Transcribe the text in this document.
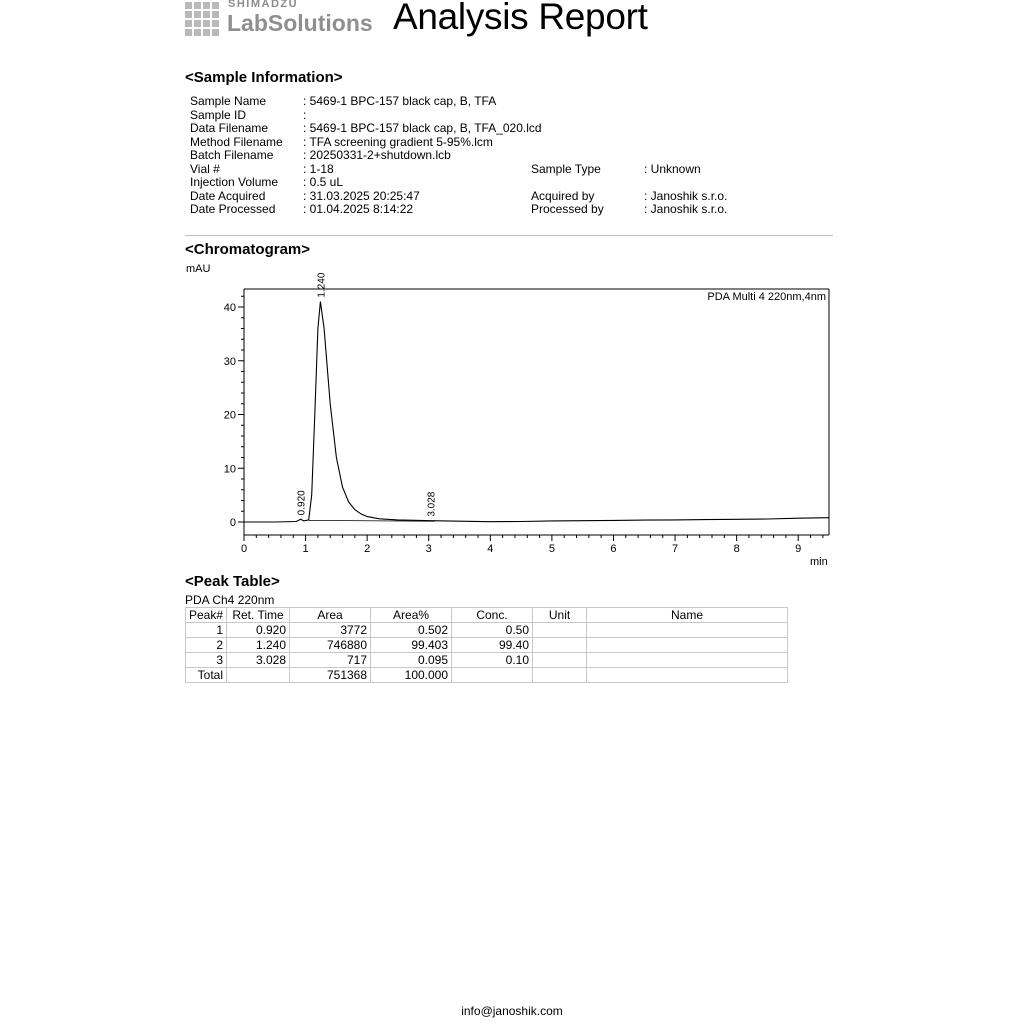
SHIMADZU
LabSolutions Analysis Report
<Sample Information>
Sample Name	: 5469-1 BPC-157 black cap, B, TFA
Sample ID	:
Data Filename	: 5469-1 BPC-157 black cap, B, TFA_020.lcd
Method Filename : TFA screening gradient 5-95%.lcm
Batch Filename : 20250331-2+shutdown.lcb
Vial #	: 1-18
Injection Volume : 0.5 uL
Date Acquired	: 31.03.2025 20:25:47
Date Processed : 01.04.2025 8:14:22
Sample Type	: Unknown
Acquired by	: Janoshik s.r.o.
Processed by	: Janoshik s.r.o.
<Chromatogram>
mAU
min
0	1	2	3	4	5	6	7	8	9
0
10
20
30
40
0.920
1.240
3.028
PDA Multi 4 220nm,4nm
<Peak Table>
PDA Ch4 220nm
Peak#	Ret. Time	Area	Area%	Conc.	Unit	Name
1	0.920	3772	0.502	0.50		
2	1.240	746880	99.403	99.40		
3	3.028	717	0.095	0.10		
Total		751368	100.000			
info@janoshik.com
